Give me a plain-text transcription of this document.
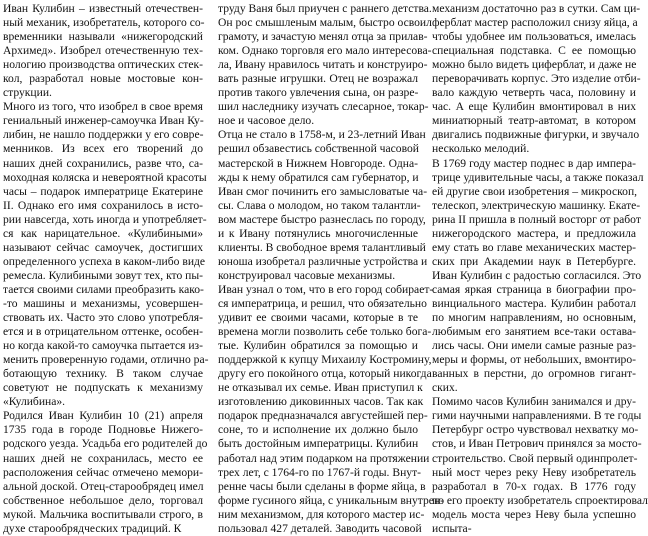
Иван Кулибин – известный отечествен-
ный механик, изобретатель, которого со-
временники называли «нижегородский
Архимед». Изобрел отечественную тех-
нологию производства оптических стек-
кол, разработал новые мостовые кон-
струкции.
Много из того, что изобрел в свое время
гениальный инженер-самоучка Иван Ку-
либин, не нашло поддержки у его совре-
менников. Из всех его творений до
наших дней сохранились, разве что, са-
моходная коляска и невероятной красоты
часы – подарок императрице Екатерине
II. Однако его имя сохранилось в исто-
рии навсегда, хоть иногда и употребляет-
ся как нарицательное. «Кулибиными»
называют сейчас самоучек, достигших
определенного успеха в каком-либо виде
ремесла. Кулибиными зовут тех, кто пы-
тается своими силами преобразить како-
-то машины и механизмы, усовершен-
ствовать их. Часто это слово употребля-
ется и в отрицательном оттенке, особен-
но когда какой-то самоучка пытается из-
менить проверенную годами, отлично ра-
ботающую технику. В таком случае
советуют не подпускать к механизму
«Кулибина».
Родился Иван Кулибин 10 (21) апреля
1735 года в городе Подновье Нижего-
родского уезда. Усадьба его родителей до
наших дней не сохранилась, место ее
расположения сейчас отмечено мемори-
альной доской. Отец-старообрядец имел
собственное небольшое дело, торговал
мукой. Мальчика воспитывали строго, в
духе старообрядческих традиций. К
труду Ваня был приучен с раннего детства.
Он рос смышленым малым, быстро освоил
грамоту, и зачастую менял отца за прилав-
ком. Однако торговля его мало интересова-
ла, Ивану нравилось читать и конструиро-
вать разные игрушки. Отец не возражал
против такого увлечения сына, он разре-
шил наследнику изучать слесарное, токар-
ное и часовое дело.
Отца не стало в 1758-м, и 23-летний Иван
решил обзавестись собственной часовой
мастерской в Нижнем Новгороде. Одна-
жды к нему обратился сам губернатор, и
Иван смог починить его замысловатые ча-
сы. Слава о молодом, но таком талантли-
вом мастере быстро разнеслась по городу,
и к Ивану потянулись многочисленные
клиенты. В свободное время талантливый
юноша изобретал различные устройства и
конструировал часовые механизмы.
Иван узнал о том, что в его город собирает-
ся императрица, и решил, что обязательно
удивит ее своими часами, которые в те
времена могли позволить себе только бога-
тые. Кулибин обратился за помощью и
поддержкой к купцу Михаилу Костромину,
другу его покойного отца, который никогда
не отказывал их семье. Иван приступил к
изготовлению диковинных часов. Так как
подарок предназначался августейшей пер-
соне, то и исполнение их должно было
быть достойным императрицы. Кулибин
работал над этим подарком на протяжении
трех лет, с 1764-го по 1767-й годы. Внут-
ренне часы были сделаны в форме яйца, в
форме гусиного яйца, с уникальным внутрен-
ним механизмом, для которого мастер ис-
пользовал 427 деталей. Заводить часовой
механизм достаточно раз в сутки. Сам ци-
ферблат мастер расположил снизу яйца, а
чтобы удобнее им пользоваться, имелась
специальная подставка. С ее помощью
можно было видеть циферблат, и даже не
переворачивать корпус. Это изделие отби-
вало каждую четверть часа, половину и
час. А еще Кулибин вмонтировал в них
миниатюрный театр-автомат, в котором
двигались подвижные фигурки, и звучало
несколько мелодий.
В 1769 году мастер поднес в дар импера-
трице удивительные часы, а также показал
ей другие свои изобретения – микроскоп,
телескоп, электрическую машинку. Екате-
рина II пришла в полный восторг от работ
нижегородского мастера, и предложила
ему стать во главе механических мастер-
ских при Академии наук в Петербурге.
Иван Кулибин с радостью согласился. Это
самая яркая страница в биографии про-
винциального мастера. Кулибин работал
по многим направлениям, но основным,
любимым его занятием все-таки остава-
лись часы. Они имели самые разные раз-
меры и формы, от небольших, вмонтиро-
ванных в перстни, до огромнов гигант-
ских.
Помимо часов Кулибин занимался и дру-
гими научными направлениями. В те годы
Петербург остро чувствовал нехватку мо-
стов, и Иван Петрович принялся за мосто-
строительство. Свой первый одинпролет-
ный мост через реку Неву изобретатель
разработал в 70-х годах. В 1776 году
по его проекту изобретатель спроектировал
модель моста через Неву была успешно
испыта-
